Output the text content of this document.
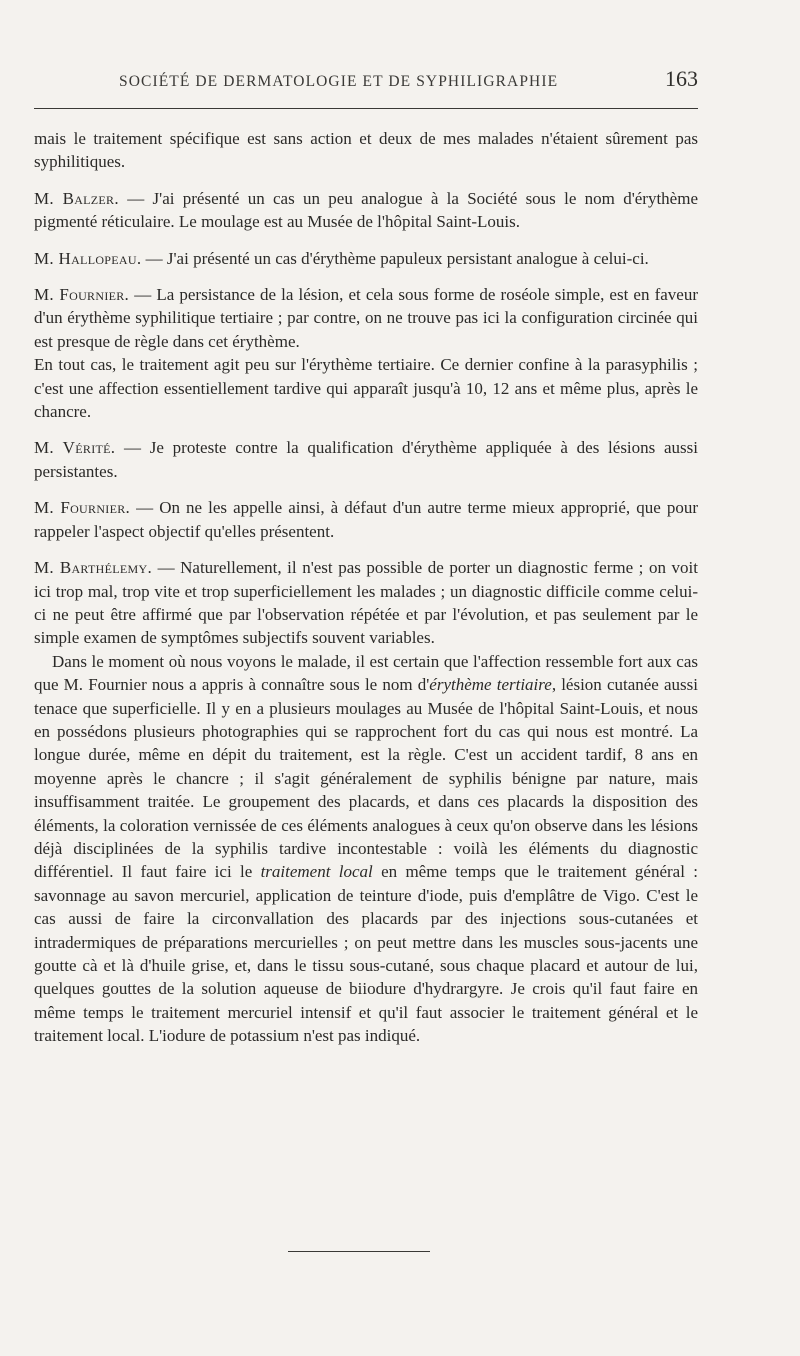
SOCIÉTÉ DE DERMATOLOGIE ET DE SYPHILIGRAPHIE	163

mais le traitement spécifique est sans action et deux de mes malades n'étaient sûrement pas syphilitiques.

M. Balzer. — J'ai présenté un cas un peu analogue à la Société sous le nom d'érythème pigmenté réticulaire. Le moulage est au Musée de l'hôpital Saint-Louis.

M. Hallopeau. — J'ai présenté un cas d'érythème papuleux persistant analogue à celui-ci.

M. Fournier. — La persistance de la lésion, et cela sous forme de roséole simple, est en faveur d'un érythème syphilitique tertiaire ; par contre, on ne trouve pas ici la configuration circinée qui est presque de règle dans cet érythème.

En tout cas, le traitement agit peu sur l'érythème tertiaire. Ce dernier confine à la parasyphilis ; c'est une affection essentiellement tardive qui apparaît jusqu'à 10, 12 ans et même plus, après le chancre.

M. Vérité. — Je proteste contre la qualification d'érythème appliquée à des lésions aussi persistantes.

M. Fournier. — On ne les appelle ainsi, à défaut d'un autre terme mieux approprié, que pour rappeler l'aspect objectif qu'elles présentent.

M. Barthélemy. — Naturellement, il n'est pas possible de porter un diagnostic ferme ; on voit ici trop mal, trop vite et trop superficiellement les malades ; un diagnostic difficile comme celui-ci ne peut être affirmé que par l'observation répétée et par l'évolution, et pas seulement par le simple examen de symptômes subjectifs souvent variables.

Dans le moment où nous voyons le malade, il est certain que l'affection ressemble fort aux cas que M. Fournier nous a appris à connaître sous le nom d'érythème tertiaire, lésion cutanée aussi tenace que superficielle. Il y en a plusieurs moulages au Musée de l'hôpital Saint-Louis, et nous en possédons plusieurs photographies qui se rapprochent fort du cas qui nous est montré. La longue durée, même en dépit du traitement, est la règle. C'est un accident tardif, 8 ans en moyenne après le chancre ; il s'agit généralement de syphilis bénigne par nature, mais insuffisamment traitée. Le groupement des placards, et dans ces placards la disposition des éléments, la coloration vernissée de ces éléments analogues à ceux qu'on observe dans les lésions déjà disciplinées de la syphilis tardive incontestable : voilà les éléments du diagnostic différentiel. Il faut faire ici le traitement local en même temps que le traitement général : savonnage au savon mercuriel, application de teinture d'iode, puis d'emplâtre de Vigo. C'est le cas aussi de faire la circonvallation des placards par des injections sous-cutanées et intradermiques de préparations mercurielles ; on peut mettre dans les muscles sous-jacents une goutte cà et là d'huile grise, et, dans le tissu sous-cutané, sous chaque placard et autour de lui, quelques gouttes de la solution aqueuse de biiodure d'hydrargyre. Je crois qu'il faut faire en même temps le traitement mercuriel intensif et qu'il faut associer le traitement général et le traitement local. L'iodure de potassium n'est pas indiqué.
